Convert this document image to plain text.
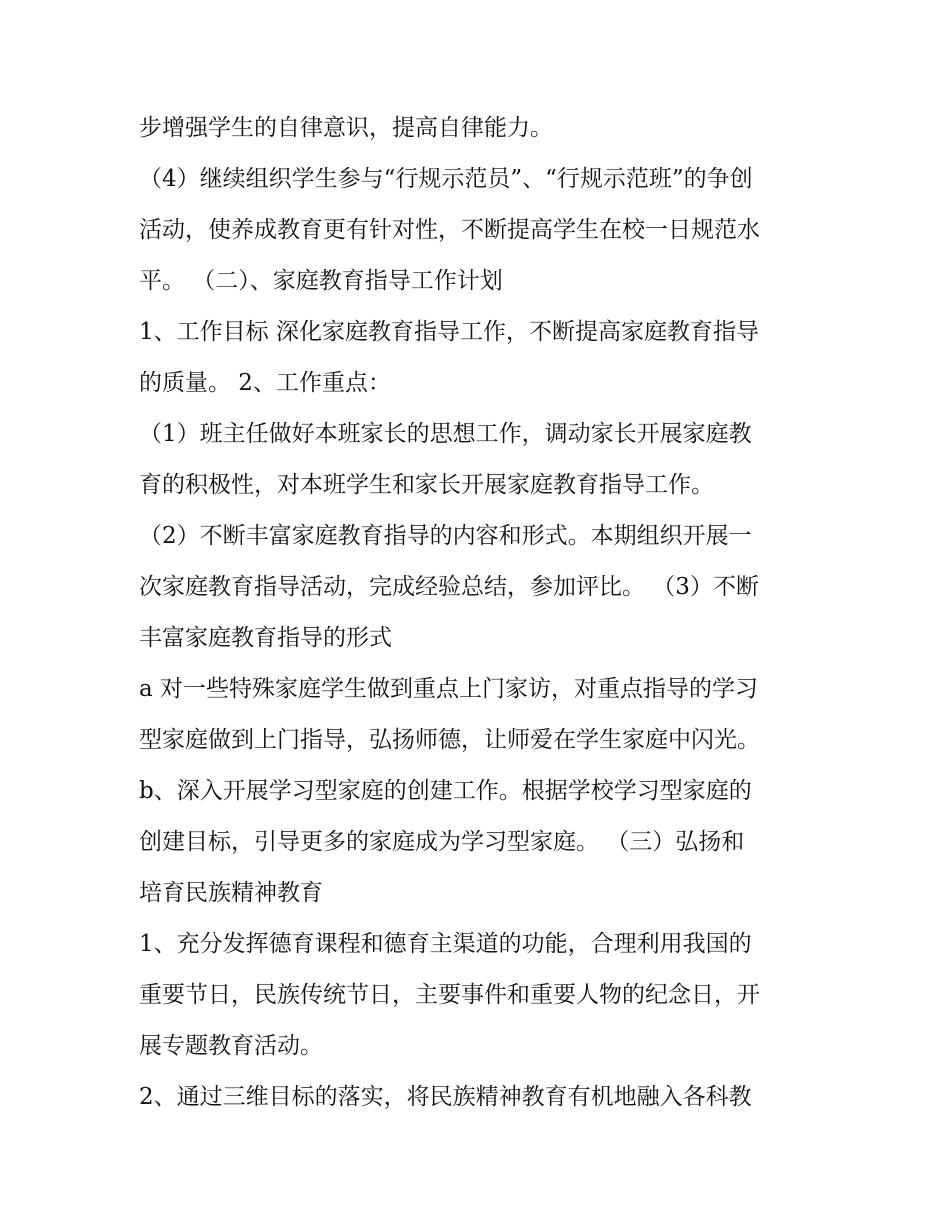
步增强学生的自律意识，提高自律能力。
（4）继续组织学生参与“行规示范员”、“行规示范班”的争创
活动，使养成教育更有针对性，不断提高学生在校一日规范水
平。 （二）、家庭教育指导工作计划
1、工作目标 深化家庭教育指导工作，不断提高家庭教育指导
的质量。 2、工作重点：
（1）班主任做好本班家长的思想工作，调动家长开展家庭教
育的积极性，对本班学生和家长开展家庭教育指导工作。
（2）不断丰富家庭教育指导的内容和形式。本期组织开展一
次家庭教育指导活动，完成经验总结，参加评比。 （3）不断
丰富家庭教育指导的形式
a 对一些特殊家庭学生做到重点上门家访，对重点指导的学习
型家庭做到上门指导，弘扬师德，让师爱在学生家庭中闪光。
b、深入开展学习型家庭的创建工作。根据学校学习型家庭的
创建目标，引导更多的家庭成为学习型家庭。 （三）弘扬和
培育民族精神教育
1、充分发挥德育课程和德育主渠道的功能，合理利用我国的
重要节日，民族传统节日，主要事件和重要人物的纪念日，开
展专题教育活动。
2、通过三维目标的落实，将民族精神教育有机地融入各科教
